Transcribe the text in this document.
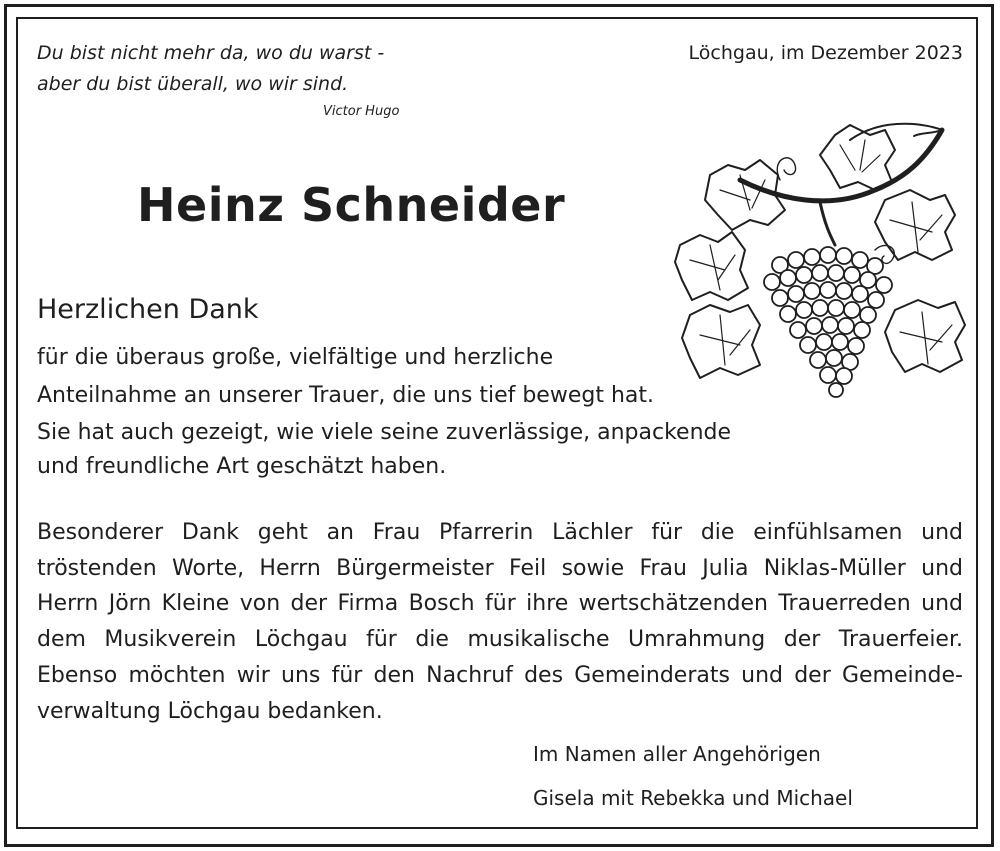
Du bist nicht mehr da, wo du warst -
aber du bist überall, wo wir sind.
Victor Hugo
Löchgau, im Dezember 2023
Heinz Schneider
Herzlichen Dank
für die überaus große, vielfältige und herzliche
Anteilnahme an unserer Trauer, die uns tief bewegt hat.
Sie hat auch gezeigt, wie viele seine zuverlässige, anpackende
und freundliche Art geschätzt haben.
Besonderer Dank geht an Frau Pfarrerin Lächler für die einfühlsamen und
tröstenden Worte, Herrn Bürgermeister Feil sowie Frau Julia Niklas-Müller und
Herrn Jörn Kleine von der Firma Bosch für ihre wertschätzenden Trauerreden und
dem Musikverein Löchgau für die musikalische Umrahmung der Trauerfeier.
Ebenso möchten wir uns für den Nachruf des Gemeinderats und der Gemeinde-
verwaltung Löchgau bedanken.
Im Namen aller Angehörigen
Gisela mit Rebekka und Michael
